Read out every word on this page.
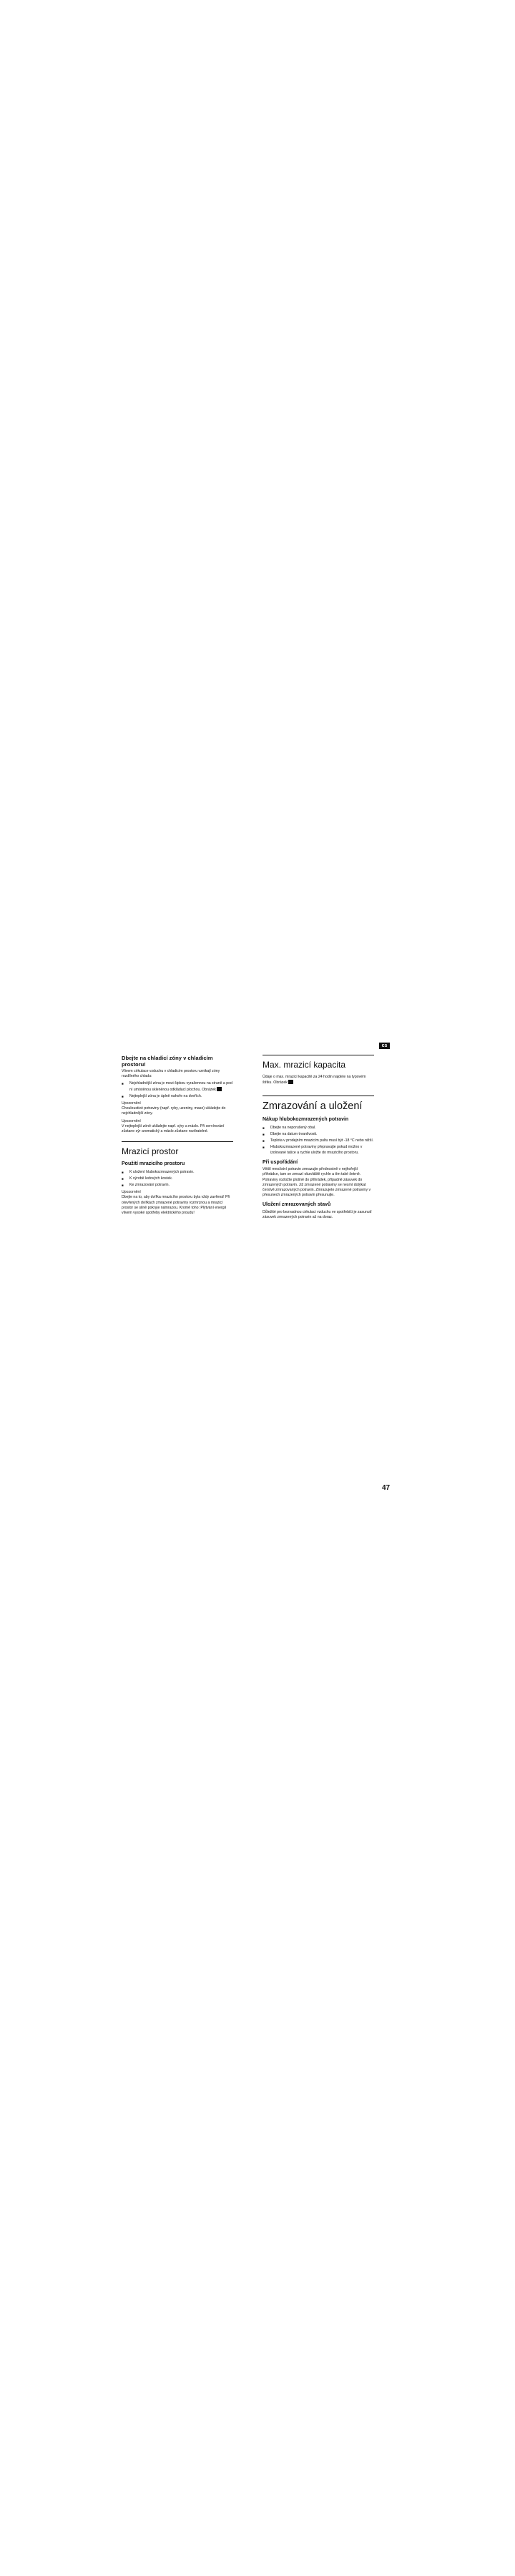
cs
Dbejte na chladicí zóny v chladicím prostoru!
Vlivem cirkulace vzduchu v chladicím prostoru vznikají zóny rozdílného chladu:
■ Nejchladnější zóna je mezi šipkou vyražennou na straně a pod ní umístěnou skleněnou odkládací plochou. Obrázek
■ Nejteplejší zóna je úplně nahoře na dveřích.
Upozornění
Chouloustivé potraviny (např. ryby, uzeniny, maso) ukládejte do nejchladnější zóny.
Upozornění
V nejteplejší zóně ukládejte např. sýry a máslo. Při servírování zůstane sýr aromatický a máslo zůstane roztíratelné.
Mrazicí prostor
Použití mrazicího prostoru
■ K uložení hlubokozmrazených potravin.
■ K výrobě ledových kostek.
■ Ke zmrazování potravin.
Upozornění
Dbejte na to, aby dvířka mrazicího prostoru byla vždy zavřená! Při otevřených dvířkách zmrazené potraviny rozmrznou a mrazicí prostor se silně pokryje námrazou. Kromě toho: Plýtvání energií vlivem vysoké spotřeby elektrického proudu!
Max. mrazicí kapacita
Údaje o max. mrazicí kapacitě za 24 hodin najdete na typovém štítku. Obrázek
Zmrazování a uložení
Nákup hlubokozmrazených potravin
■ Dbejte na neporušený obal.
■ Dbejte na datum trvanlivosti.
■ Teplota v prodejním mrazicím pultu musí být -18 °C nebo nižší.
■ Hlubokozmrazené potraviny přepravujte pokud možno v izolované tašce a rychle uložte do mrazicího prostoru.
Při uspořádání
Větší množství potravin zmrazujte přednostně v nejhořejší přihrádce, tam se zmrazí obzvláště rychle a tím také šetrně. Potraviny rozložte plošně do přihrádek, případně zásuvek do zmrazených potravin. Již zmrazené potraviny se nesmí dotýkat čerstvě zmrazovaných potravin. Zmrazujete zmrazené potraviny v přesunech zmrazených potravin přesunujte.
Uložení zmrazovaných stavů
Důležité pro bezvadnou cirkulaci vzduchu ve spotřebiči je zasunutí zásuvek zmrazených potravin až na doraz.
47
